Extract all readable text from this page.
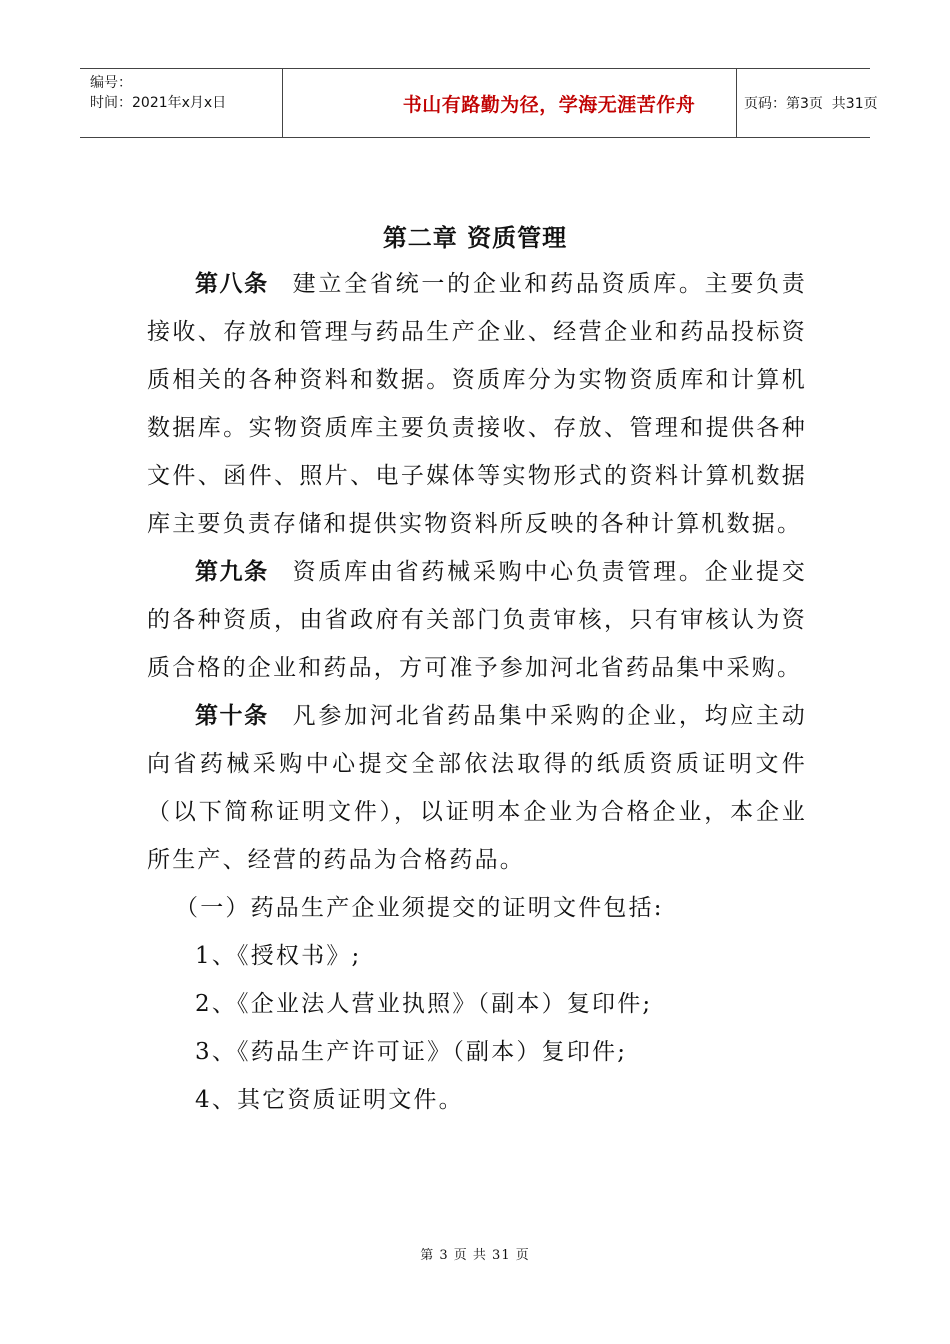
编号：
时间：2021年x月x日	书山有路勤为径，学海无涯苦作舟	页码：第3页  共31页
第二章 资质管理

第八条 建立全省统一的企业和药品资质库。主要负责接收、存放和管理与药品生产企业、经营企业和药品投标资质相关的各种资料和数据。资质库分为实物资质库和计算机数据库。实物资质库主要负责接收、存放、管理和提供各种文件、函件、照片、电子媒体等实物形式的资料计算机数据库主要负责存储和提供实物资料所反映的各种计算机数据。

第九条 资质库由省药械采购中心负责管理。企业提交的各种资质，由省政府有关部门负责审核，只有审核认为资质合格的企业和药品，方可准予参加河北省药品集中采购。

第十条 凡参加河北省药品集中采购的企业，均应主动向省药械采购中心提交全部依法取得的纸质资质证明文件（以下简称证明文件），以证明本企业为合格企业，本企业所生产、经营的药品为合格药品。

（一）药品生产企业须提交的证明文件包括:

1、《授权书》;

2、《企业法人营业执照》（副本）复印件;

3、《药品生产许可证》（副本）复印件;

4、其它资质证明文件。

第 3 页 共 31 页
